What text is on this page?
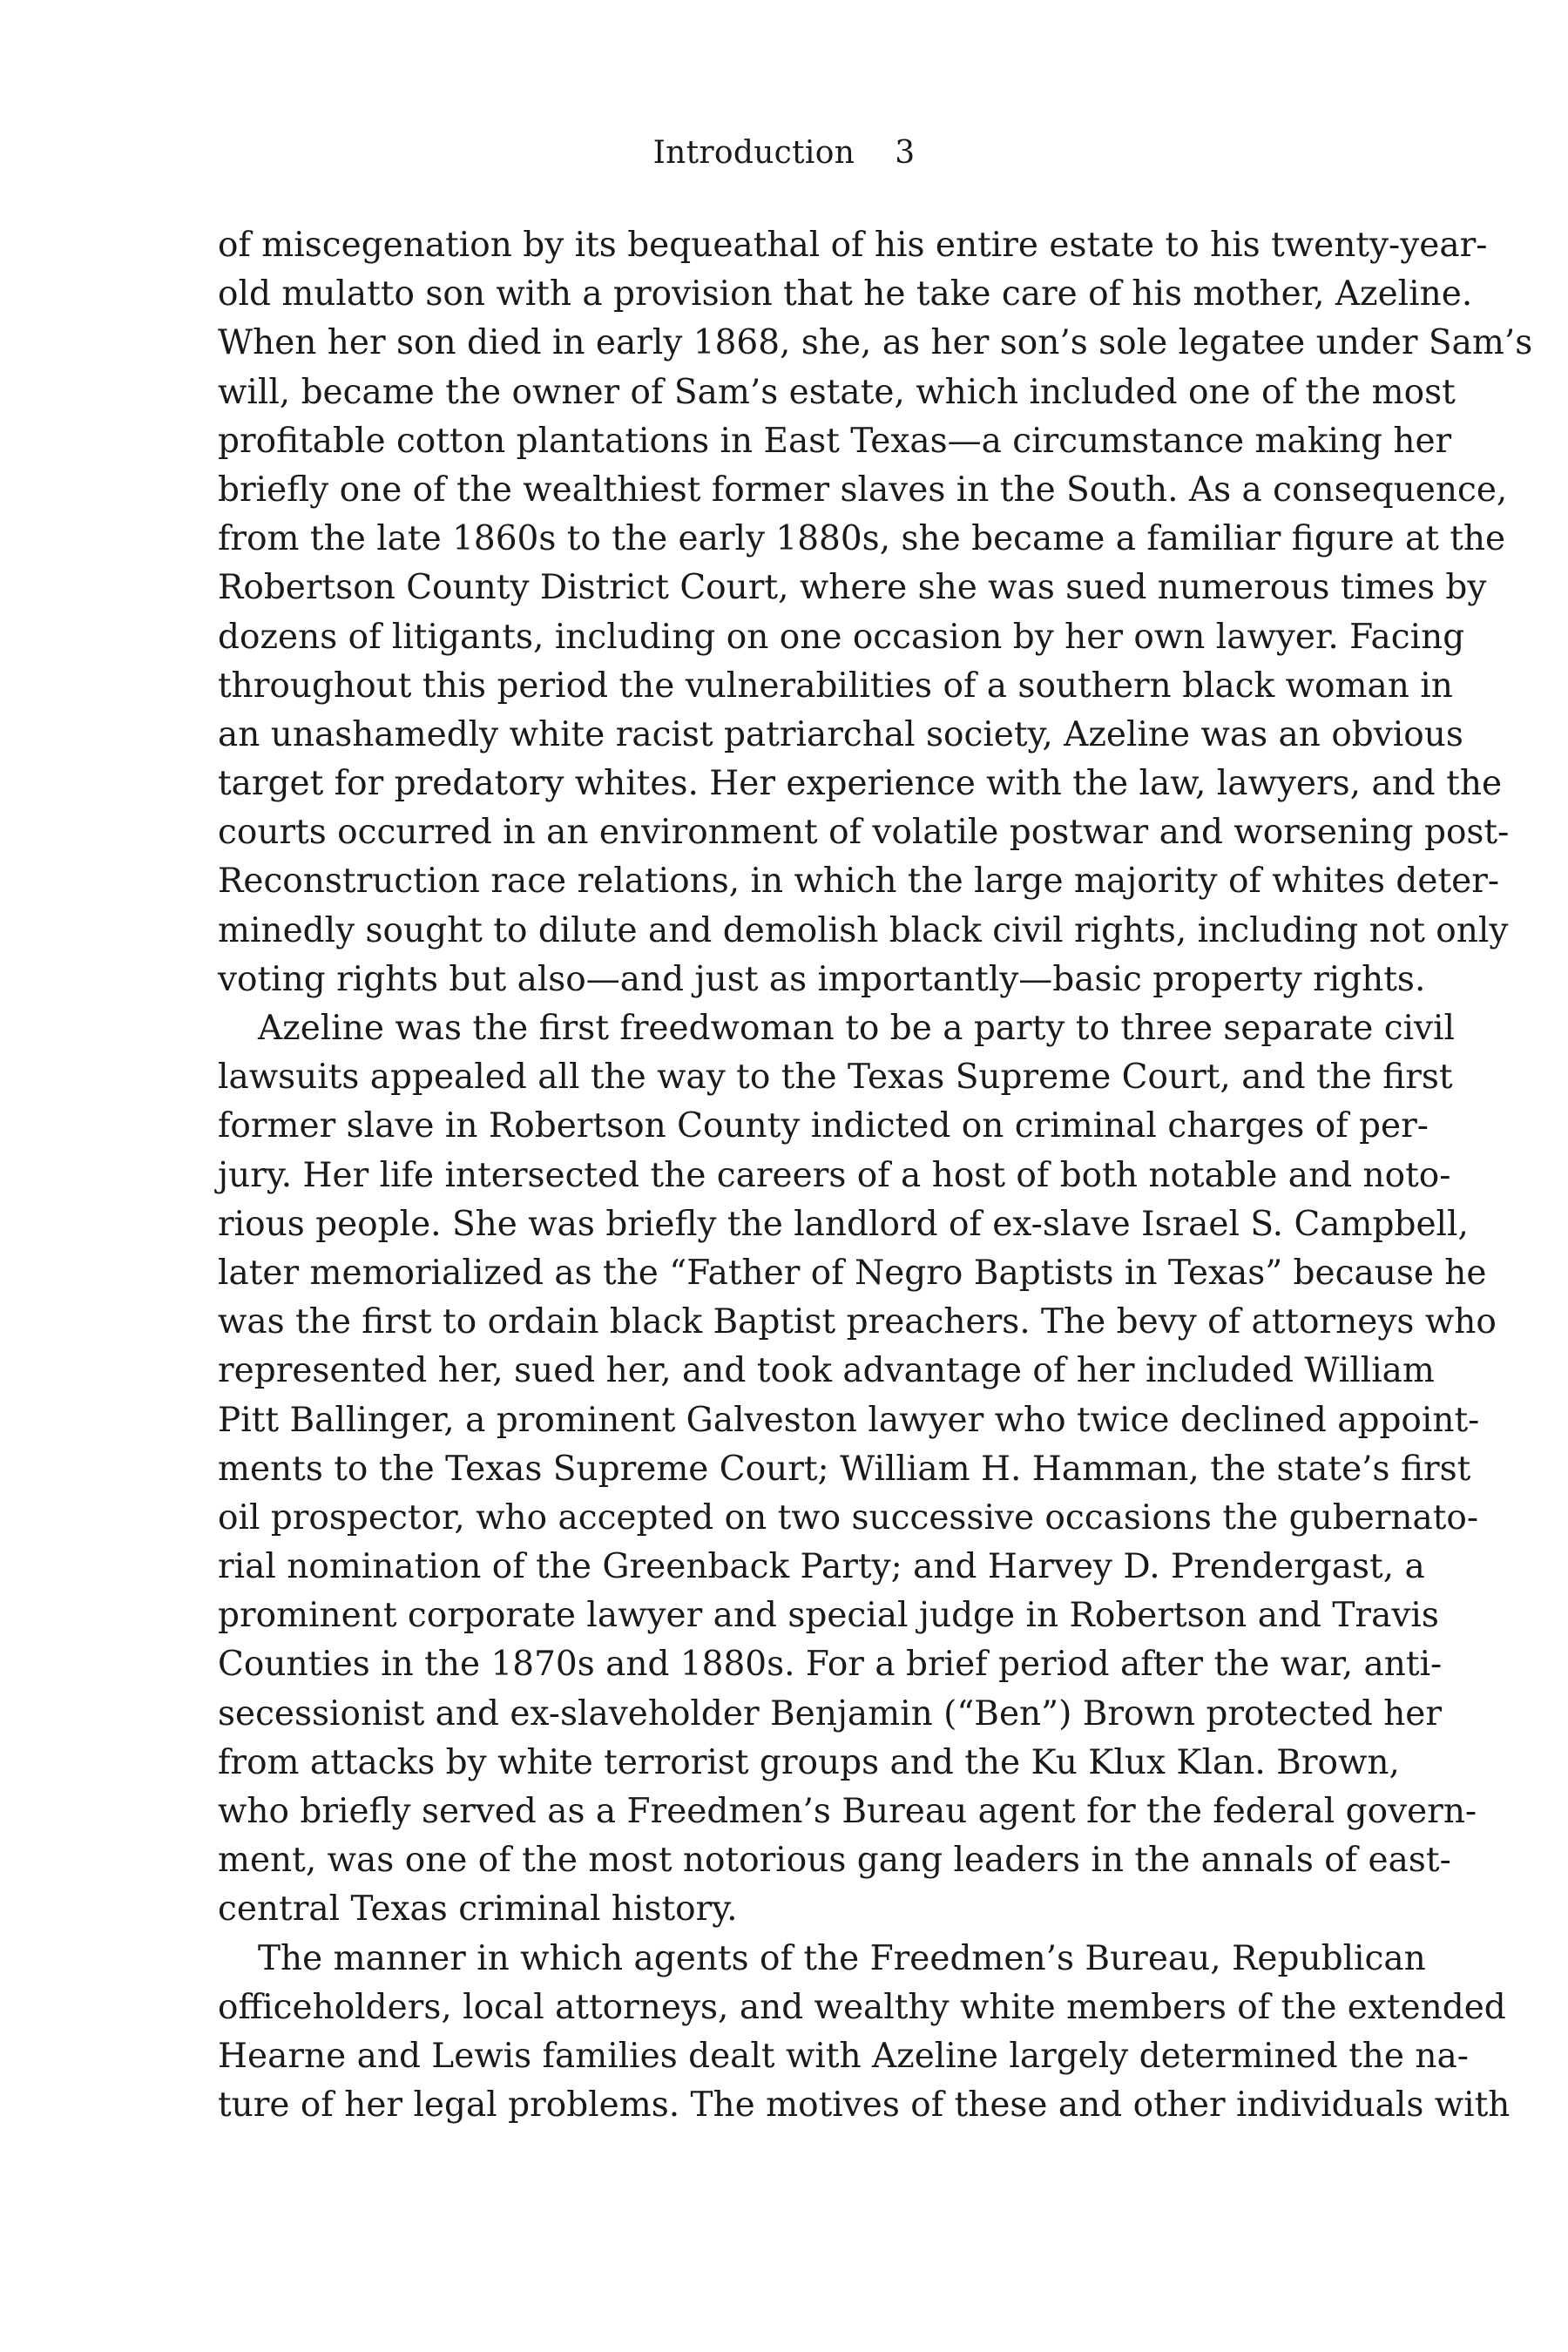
Introduction 3
of miscegenation by its bequeathal of his entire estate to his twenty-year-
old mulatto son with a provision that he take care of his mother, Azeline.
When her son died in early 1868, she, as her son’s sole legatee under Sam’s
will, became the owner of Sam’s estate, which included one of the most
profitable cotton plantations in East Texas—a circumstance making her
briefly one of the wealthiest former slaves in the South. As a consequence,
from the late 1860s to the early 1880s, she became a familiar figure at the
Robertson County District Court, where she was sued numerous times by
dozens of litigants, including on one occasion by her own lawyer. Facing
throughout this period the vulnerabilities of a southern black woman in
an unashamedly white racist patriarchal society, Azeline was an obvious
target for predatory whites. Her experience with the law, lawyers, and the
courts occurred in an environment of volatile postwar and worsening post-
Reconstruction race relations, in which the large majority of whites deter-
minedly sought to dilute and demolish black civil rights, including not only
voting rights but also—and just as importantly—basic property rights.
Azeline was the first freedwoman to be a party to three separate civil
lawsuits appealed all the way to the Texas Supreme Court, and the first
former slave in Robertson County indicted on criminal charges of per-
jury. Her life intersected the careers of a host of both notable and noto-
rious people. She was briefly the landlord of ex-slave Israel S. Campbell,
later memorialized as the “Father of Negro Baptists in Texas” because he
was the first to ordain black Baptist preachers. The bevy of attorneys who
represented her, sued her, and took advantage of her included William
Pitt Ballinger, a prominent Galveston lawyer who twice declined appoint-
ments to the Texas Supreme Court; William H. Hamman, the state’s first
oil prospector, who accepted on two successive occasions the gubernato-
rial nomination of the Greenback Party; and Harvey D. Prendergast, a
prominent corporate lawyer and special judge in Robertson and Travis
Counties in the 1870s and 1880s. For a brief period after the war, anti-
secessionist and ex-slaveholder Benjamin (“Ben”) Brown protected her
from attacks by white terrorist groups and the Ku Klux Klan. Brown,
who briefly served as a Freedmen’s Bureau agent for the federal govern-
ment, was one of the most notorious gang leaders in the annals of east-
central Texas criminal history.
The manner in which agents of the Freedmen’s Bureau, Republican
officeholders, local attorneys, and wealthy white members of the extended
Hearne and Lewis families dealt with Azeline largely determined the na-
ture of her legal problems. The motives of these and other individuals with
